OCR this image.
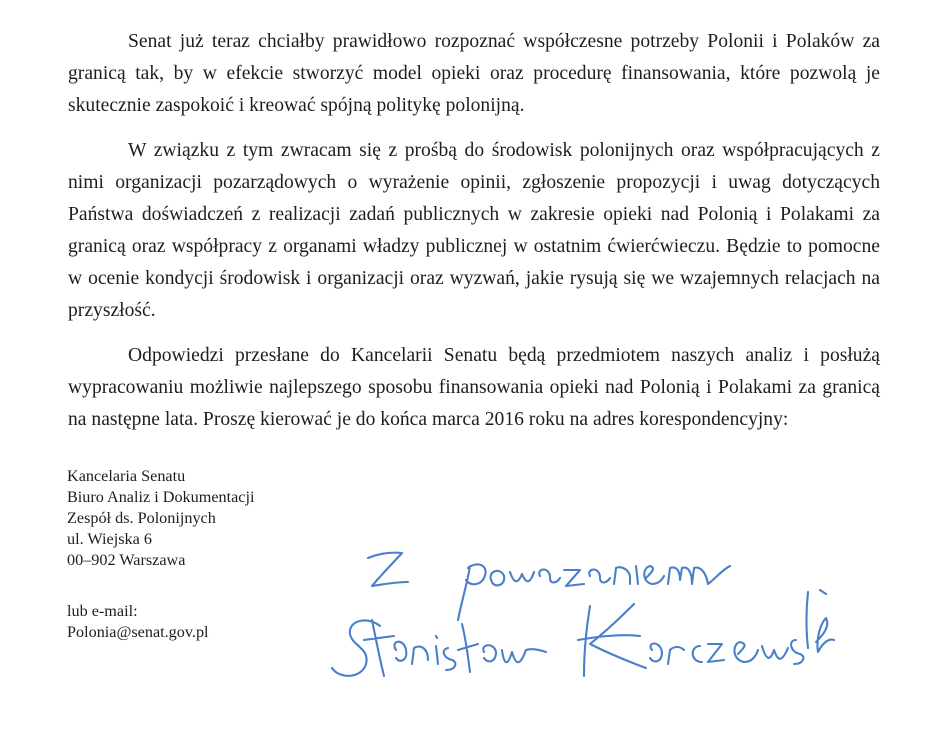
Senat już teraz chciałby prawidłowo rozpoznać współczesne potrzeby Polonii i Polaków za granicą tak, by w efekcie stworzyć model opieki oraz procedurę finansowania, które pozwolą je skutecznie zaspokoić i kreować spójną politykę polonijną.

W związku z tym zwracam się z prośbą do środowisk polonijnych oraz współpracujących z nimi organizacji pozarządowych o wyrażenie opinii, zgłoszenie propozycji i uwag dotyczących Państwa doświadczeń z realizacji zadań publicznych w zakresie opieki nad Polonią i Polakami za granicą oraz współpracy z organami władzy publicznej w ostatnim ćwierćwieczu. Będzie to pomocne w ocenie kondycji środowisk i organizacji oraz wyzwań, jakie rysują się we wzajemnych relacjach na przyszłość.

Odpowiedzi przesłane do Kancelarii Senatu będą przedmiotem naszych analiz i posłużą wypracowaniu możliwie najlepszego sposobu finansowania opieki nad Polonią i Polakami za granicą na następne lata. Proszę kierować je do końca marca 2016 roku na adres korespondencyjny:

Kancelaria Senatu
Biuro Analiz i Dokumentacji
Zespół ds. Polonijnych
ul. Wiejska 6
00–902 Warszawa
lub e-mail:
Polonia@senat.gov.pl
